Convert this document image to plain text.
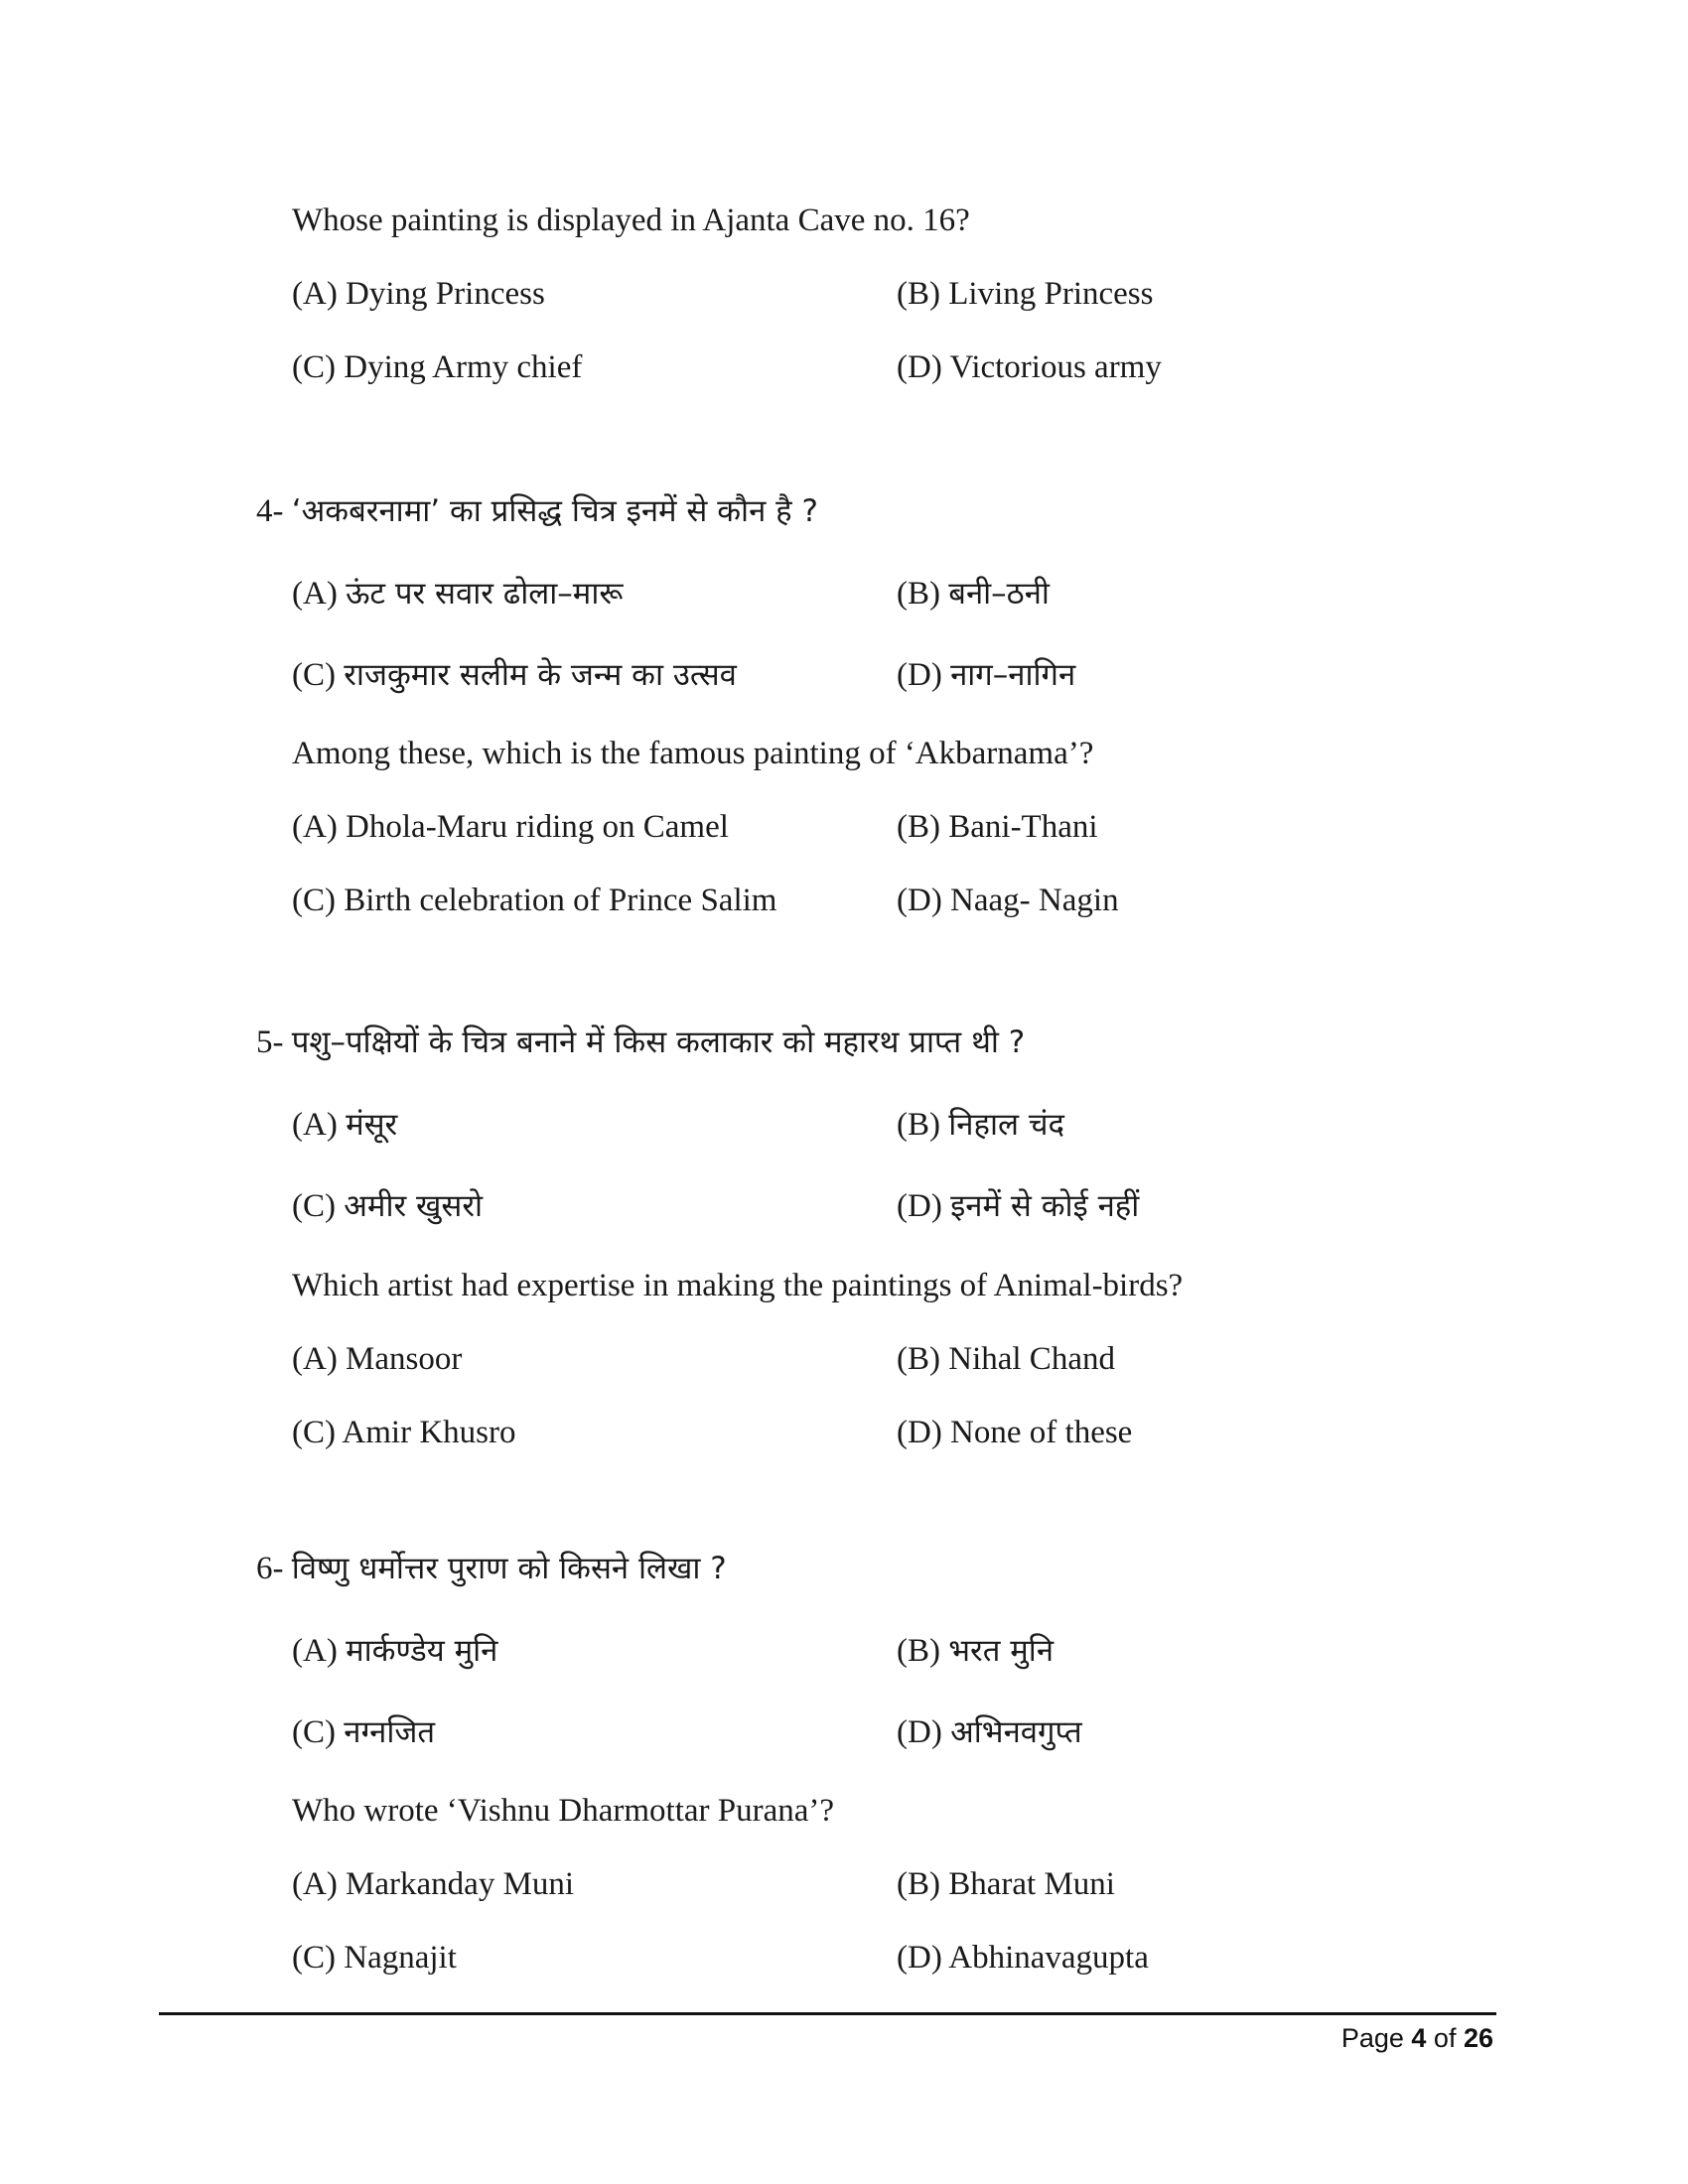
Whose painting is displayed in Ajanta Cave no. 16?
(A) Dying Princess	(B) Living Princess
(C) Dying Army chief	(D) Victorious army
4- ‘अकबरनामा’ का प्रसिद्ध चित्र इनमें से कौन है ?
(A) ऊंट पर सवार ढोला–मारू	(B) बनी–ठनी
(C) राजकुमार सलीम के जन्म का उत्सव	(D) नाग–नागिन
Among these, which is the famous painting of ‘Akbarnama’?
(A) Dhola-Maru riding on Camel	(B) Bani-Thani
(C) Birth celebration of Prince Salim	(D) Naag- Nagin
5- पशु–पक्षियों के चित्र बनाने में किस कलाकार को महारथ प्राप्त थी ?
(A) मंसूर	(B) निहाल चंद
(C) अमीर खुसरो	(D) इनमें से कोई नहीं
Which artist had expertise in making the paintings of Animal-birds?
(A) Mansoor	(B) Nihal Chand
(C) Amir Khusro	(D) None of these
6- विष्णु धर्मोत्तर पुराण को किसने लिखा ?
(A) मार्कण्डेय मुनि	(B) भरत मुनि
(C) नग्नजित	(D) अभिनवगुप्त
Who wrote ‘Vishnu Dharmottar Purana’?
(A) Markanday Muni	(B) Bharat Muni
(C) Nagnajit	(D) Abhinavagupta
Page 4 of 26
